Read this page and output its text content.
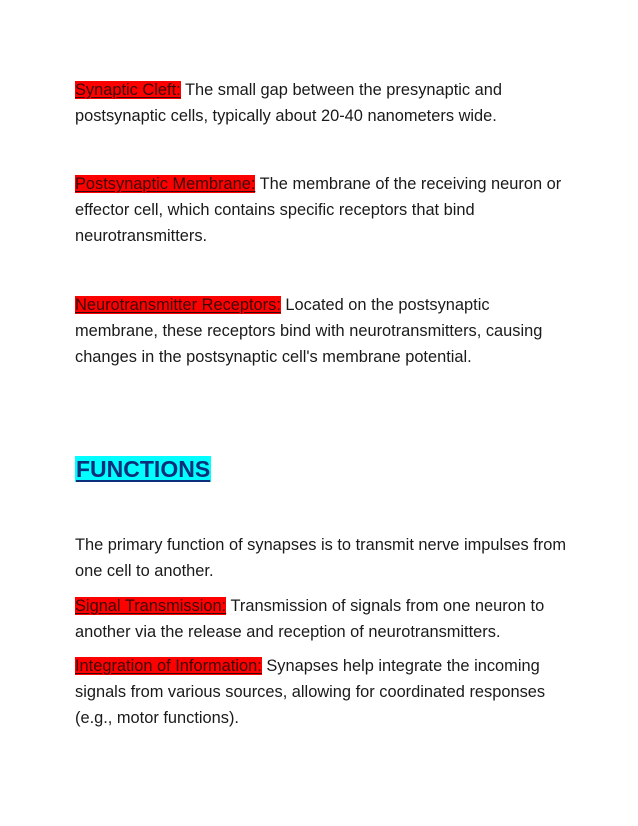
Synaptic Cleft: The small gap between the presynaptic and postsynaptic cells, typically about 20-40 nanometers wide.

Postsynaptic Membrane: The membrane of the receiving neuron or effector cell, which contains specific receptors that bind neurotransmitters.

Neurotransmitter Receptors: Located on the postsynaptic membrane, these receptors bind with neurotransmitters, causing changes in the postsynaptic cell's membrane potential.

FUNCTIONS

The primary function of synapses is to transmit nerve impulses from one cell to another.

Signal Transmission: Transmission of signals from one neuron to another via the release and reception of neurotransmitters.

Integration of Information: Synapses help integrate the incoming signals from various sources, allowing for coordinated responses (e.g., motor functions).
